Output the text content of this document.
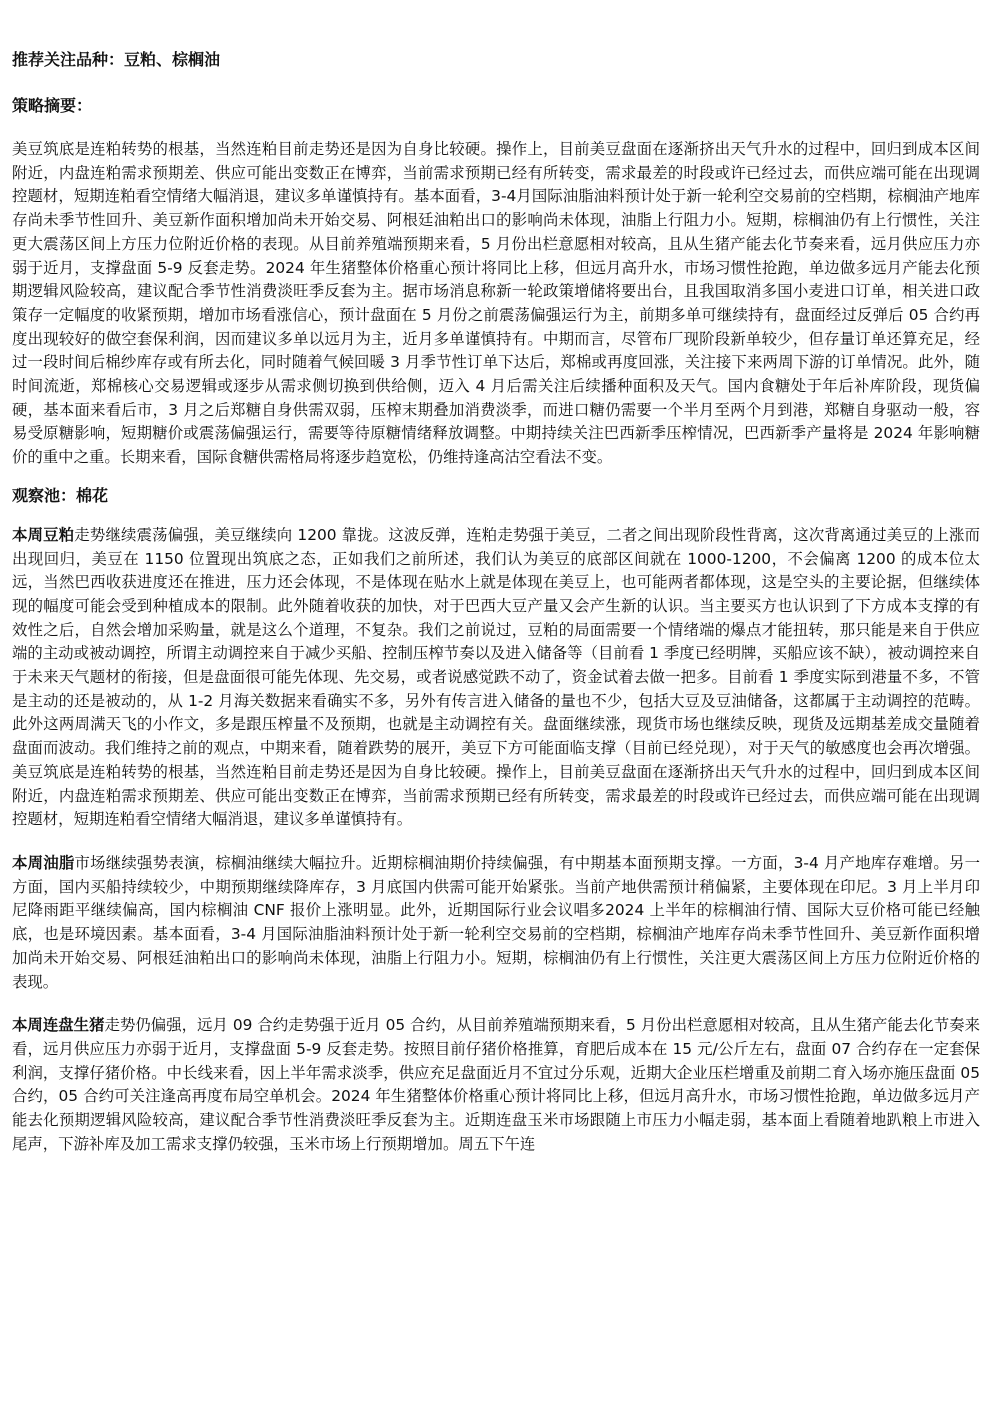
推荐关注品种：豆粕、棕榈油

策略摘要：

美豆筑底是连粕转势的根基，当然连粕目前走势还是因为自身比较硬。操作上，目前美豆盘面在逐渐挤出天气升水的过程中，回归到成本区间附近，内盘连粕需求预期差、供应可能出变数正在博弈，当前需求预期已经有所转变，需求最差的时段或许已经过去，而供应端可能在出现调控题材，短期连粕看空情绪大幅消退，建议多单谨慎持有。基本面看，3-4月国际油脂油料预计处于新一轮利空交易前的空档期，棕榈油产地库存尚未季节性回升、美豆新作面积增加尚未开始交易、阿根廷油粕出口的影响尚未体现，油脂上行阻力小。短期，棕榈油仍有上行惯性，关注更大震荡区间上方压力位附近价格的表现。从目前养殖端预期来看，5 月份出栏意愿相对较高，且从生猪产能去化节奏来看，远月供应压力亦弱于近月，支撑盘面 5-9 反套走势。2024 年生猪整体价格重心预计将同比上移，但远月高升水，市场习惯性抢跑，单边做多远月产能去化预期逻辑风险较高，建议配合季节性消费淡旺季反套为主。据市场消息称新一轮政策增储将要出台，且我国取消多国小麦进口订单，相关进口政策存一定幅度的收紧预期，增加市场看涨信心，预计盘面在 5 月份之前震荡偏强运行为主，前期多单可继续持有，盘面经过反弹后 05 合约再度出现较好的做空套保利润，因而建议多单以远月为主，近月多单谨慎持有。中期而言，尽管布厂现阶段新单较少，但存量订单还算充足，经过一段时间后棉纱库存或有所去化，同时随着气候回暖 3 月季节性订单下达后，郑棉或再度回涨，关注接下来两周下游的订单情况。此外，随时间流逝，郑棉核心交易逻辑或逐步从需求侧切换到供给侧，迈入 4 月后需关注后续播种面积及天气。国内食糖处于年后补库阶段，现货偏硬，基本面来看后市，3 月之后郑糖自身供需双弱，压榨末期叠加消费淡季，而进口糖仍需要一个半月至两个月到港，郑糖自身驱动一般，容易受原糖影响，短期糖价或震荡偏强运行，需要等待原糖情绪释放调整。中期持续关注巴西新季压榨情况，巴西新季产量将是 2024 年影响糖价的重中之重。长期来看，国际食糖供需格局将逐步趋宽松，仍维持逢高沽空看法不变。

观察池：棉花

本周豆粕走势继续震荡偏强，美豆继续向 1200 靠拢。这波反弹，连粕走势强于美豆，二者之间出现阶段性背离，这次背离通过美豆的上涨而出现回归，美豆在 1150 位置现出筑底之态，正如我们之前所述，我们认为美豆的底部区间就在 1000-1200，不会偏离 1200 的成本位太远，当然巴西收获进度还在推进，压力还会体现，不是体现在贴水上就是体现在美豆上，也可能两者都体现，这是空头的主要论据，但继续体现的幅度可能会受到种植成本的限制。此外随着收获的加快，对于巴西大豆产量又会产生新的认识。当主要买方也认识到了下方成本支撑的有效性之后，自然会增加采购量，就是这么个道理，不复杂。我们之前说过，豆粕的局面需要一个情绪端的爆点才能扭转，那只能是来自于供应端的主动或被动调控，所谓主动调控来自于减少买船、控制压榨节奏以及进入储备等（目前看 1 季度已经明牌，买船应该不缺），被动调控来自于未来天气题材的衔接，但是盘面很可能先体现、先交易，或者说感觉跌不动了，资金试着去做一把多。目前看 1 季度实际到港量不多，不管是主动的还是被动的，从 1-2 月海关数据来看确实不多，另外有传言进入储备的量也不少，包括大豆及豆油储备，这都属于主动调控的范畴。此外这两周满天飞的小作文，多是跟压榨量不及预期，也就是主动调控有关。盘面继续涨，现货市场也继续反映，现货及远期基差成交量随着盘面而波动。我们维持之前的观点，中期来看，随着跌势的展开，美豆下方可能面临支撑（目前已经兑现），对于天气的敏感度也会再次增强。美豆筑底是连粕转势的根基，当然连粕目前走势还是因为自身比较硬。操作上，目前美豆盘面在逐渐挤出天气升水的过程中，回归到成本区间附近，内盘连粕需求预期差、供应可能出变数正在博弈，当前需求预期已经有所转变，需求最差的时段或许已经过去，而供应端可能在出现调控题材，短期连粕看空情绪大幅消退，建议多单谨慎持有。

本周油脂市场继续强势表演，棕榈油继续大幅拉升。近期棕榈油期价持续偏强，有中期基本面预期支撑。一方面，3-4 月产地库存难增。另一方面，国内买船持续较少，中期预期继续降库存，3 月底国内供需可能开始紧张。当前产地供需预计稍偏紧，主要体现在印尼。3 月上半月印尼降雨距平继续偏高，国内棕榈油 CNF 报价上涨明显。此外，近期国际行业会议唱多2024 上半年的棕榈油行情、国际大豆价格可能已经触底，也是环境因素。基本面看，3-4 月国际油脂油料预计处于新一轮利空交易前的空档期，棕榈油产地库存尚未季节性回升、美豆新作面积增加尚未开始交易、阿根廷油粕出口的影响尚未体现，油脂上行阻力小。短期，棕榈油仍有上行惯性，关注更大震荡区间上方压力位附近价格的表现。

本周连盘生猪走势仍偏强，远月 09 合约走势强于近月 05 合约，从目前养殖端预期来看，5 月份出栏意愿相对较高，且从生猪产能去化节奏来看，远月供应压力亦弱于近月，支撑盘面 5-9 反套走势。按照目前仔猪价格推算，育肥后成本在 15 元/公斤左右，盘面 07 合约存在一定套保利润，支撑仔猪价格。中长线来看，因上半年需求淡季，供应充足盘面近月不宜过分乐观，近期大企业压栏增重及前期二育入场亦施压盘面 05 合约，05 合约可关注逢高再度布局空单机会。2024 年生猪整体价格重心预计将同比上移，但远月高升水，市场习惯性抢跑，单边做多远月产能去化预期逻辑风险较高，建议配合季节性消费淡旺季反套为主。近期连盘玉米市场跟随上市压力小幅走弱，基本面上看随着地趴粮上市进入尾声，下游补库及加工需求支撑仍较强，玉米市场上行预期增加。周五下午连
